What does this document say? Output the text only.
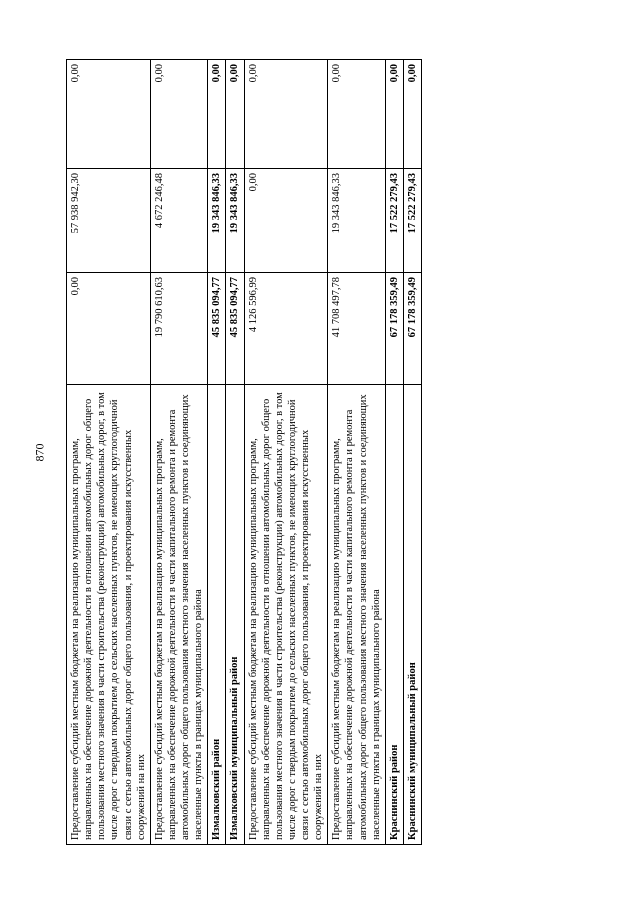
870 Предоставление субсидий местным бюджетам на реализацию муниципальных программ, направленных на обеспечение дорожной деятельности в отношении автомобильных дорог общего пользования местного значения в части строительства (реконструкции) автомобильных дорог, в том числе дорог с твердым покрытием до сельских населенных пунктов, не имеющих круглогодичной связи с сетью автомобильных дорог общего пользования, и проектирования искусственных сооружений на них	0,00	57 938 942,30	0,00
Предоставление субсидий местным бюджетам на реализацию муниципальных программ, направленных на обеспечение дорожной деятельности в части капитального ремонта и ремонта автомобильных дорог общего пользования местного значения населенных пунктов и соединяющих населенные пункты в границах муниципального района	19 790 610,63	4 672 246,48	0,00
Измалковский район	45 835 094,77	19 343 846,33	0,00
Измалковский муниципальный район	45 835 094,77	19 343 846,33	0,00
Предоставление субсидий местным бюджетам на реализацию муниципальных программ, направленных на обеспечение дорожной деятельности в отношении автомобильных дорог общего пользования местного значения в части строительства (реконструкции) автомобильных дорог, в том числе дорог с твердым покрытием до сельских населенных пунктов, не имеющих круглогодичной связи с сетью автомобильных дорог общего пользования, и проектирования искусственных сооружений на них	4 126 596,99	0,00	0,00
Предоставление субсидий местным бюджетам на реализацию муниципальных программ, направленных на обеспечение дорожной деятельности в части капитального ремонта и ремонта автомобильных дорог общего пользования местного значения населенных пунктов и соединяющих населенные пункты в границах муниципального района	41 708 497,78	19 343 846,33	0,00
Краснинский район	67 178 359,49	17 522 279,43	0,00
Краснинский муниципальный район	67 178 359,49	17 522 279,43	0,00
